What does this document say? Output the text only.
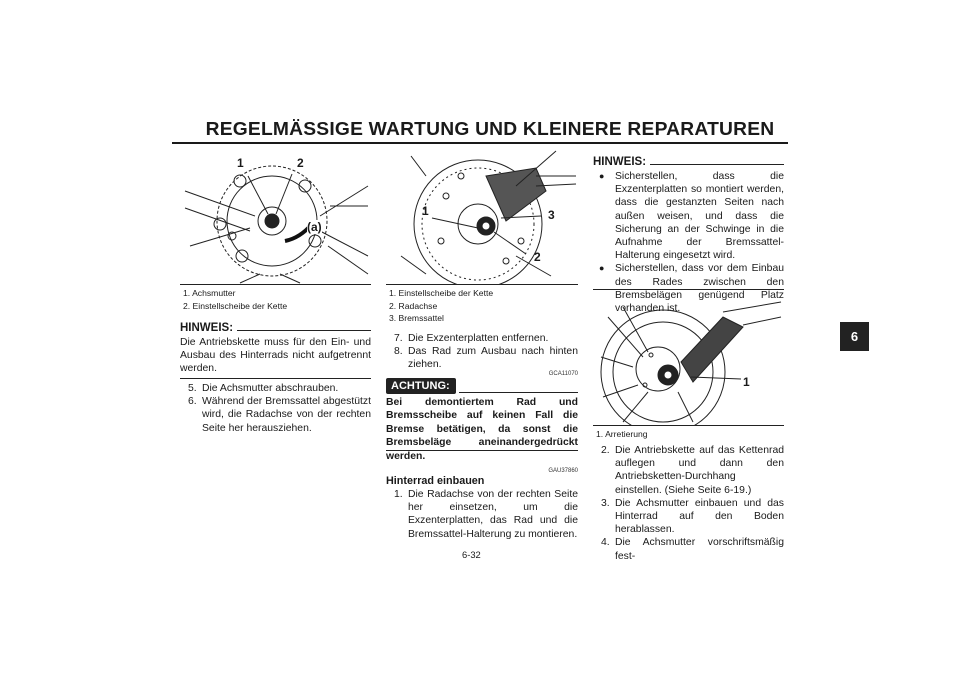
REGELMÄSSIGE WARTUNG UND KLEINERE REPARATUREN
1	2
(a)
1. Achsmutter
2. Einstellscheibe der Kette
HINWEIS:
Die Antriebskette muss für den Ein- und Ausbau des Hinterrads nicht aufgetrennt werden.
5. Die Achsmutter abschrauben.
6. Während der Bremssattel abgestützt wird, die Radachse von der rechten Seite her herausziehen.
1
2
3
1. Einstellscheibe der Kette
2. Radachse
3. Bremssattel
7. Die Exzenterplatten entfernen.
8. Das Rad zum Ausbau nach hinten ziehen.
GCA11070
ACHTUNG:
Bei demontiertem Rad und Bremsscheibe auf keinen Fall die Bremse betätigen, da sonst die Bremsbeläge aneinandergedrückt werden.
GAU37860
Hinterrad einbauen
1. Die Radachse von der rechten Seite her einsetzen, um die Exzenterplatten, das Rad und die Bremssattel-Halterung zu montieren.
HINWEIS:
●	Sicherstellen, dass die Exzenterplatten so montiert werden, dass die gestanzten Seiten nach außen weisen, und dass die Sicherung an der Schwinge in die Aufnahme der Bremssattel-Halterung eingesetzt wird.
●	Sicherstellen, dass vor dem Einbau des Rades zwischen den Bremsbelägen genügend Platz vorhanden ist.
1
1. Arretierung
2. Die Antriebskette auf das Kettenrad auflegen und dann den Antriebsketten-Durchhang einstellen. (Siehe Seite 6-19.)
3. Die Achsmutter einbauen und das Hinterrad auf den Boden herablassen.
4. Die Achsmutter vorschriftsmäßig fest-
6
6-32
